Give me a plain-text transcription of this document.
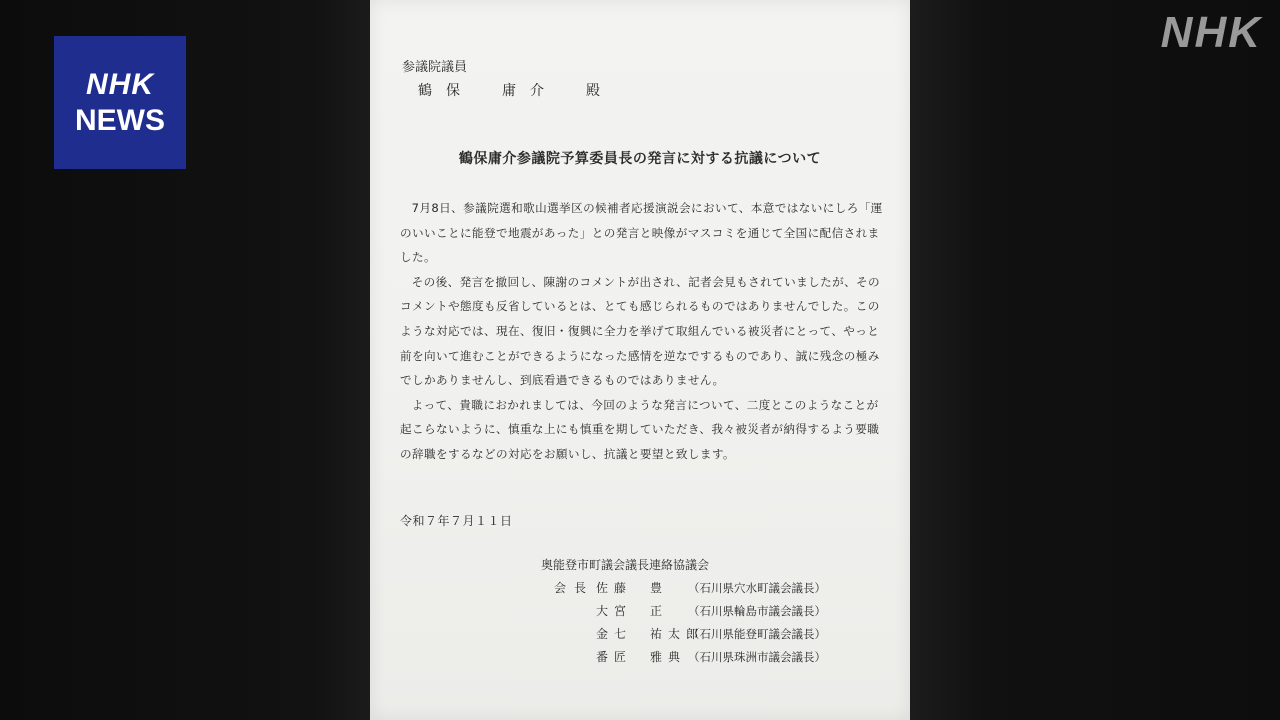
NHK
NEWS
NHK
参議院議員
鶴保　庸介　殿
鶴保庸介参議院予算委員長の発言に対する抗議について

7月8日、参議院選和歌山選挙区の候補者応援演説会において、本意ではないにしろ「運のいいことに能登で地震があった」との発言と映像がマスコミを通じて全国に配信されました。

その後、発言を撤回し、陳謝のコメントが出され、記者会見もされていましたが、そのコメントや態度も反省しているとは、とても感じられるものではありませんでした。このような対応では、現在、復旧・復興に全力を挙げて取組んでいる被災者にとって、やっと前を向いて進むことができるようになった感情を逆なでするものであり、誠に残念の極みでしかありませんし、到底看過できるものではありません。

よって、貴職におかれましては、今回のような発言について、二度とこのようなことが起こらないように、慎重な上にも慎重を期していただき、我々被災者が納得するよう要職の辞職をするなどの対応をお願いし、抗議と要望と致します。

令和７年７月１１日
奥能登市町議会議長連絡協議会
会長 佐藤　豊 （石川県穴水町議会議長）
大宮　正 （石川県輪島市議会議長）
金七　祐太郎（石川県能登町議会議長）
番匠　雅典 （石川県珠洲市議会議長）
